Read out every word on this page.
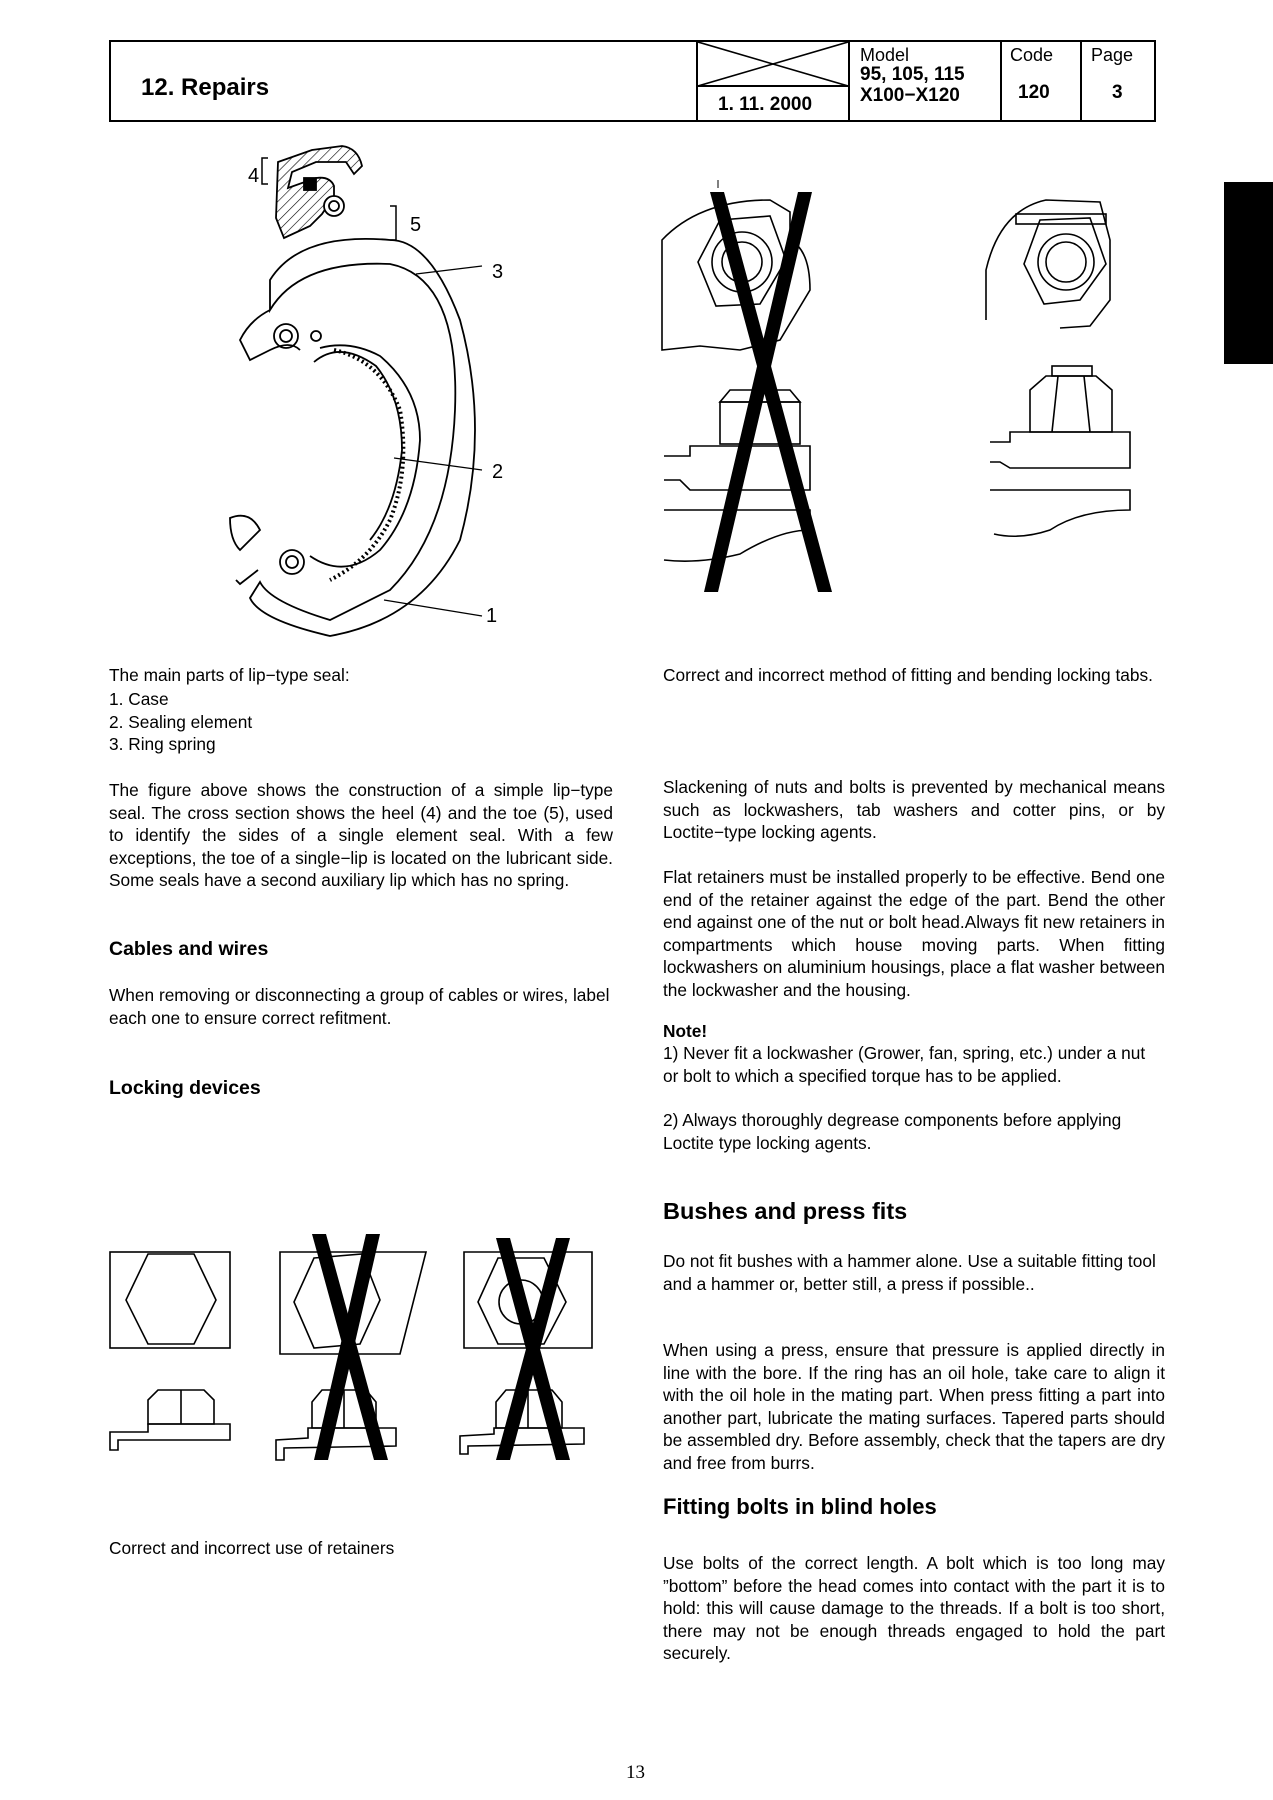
12. Repairs
1. 11. 2000
Model
95, 105, 115
X100−X120
Code
120
Page
3
4
5
3
2
1
The main parts of lip−type seal:
1. Case
2. Sealing element
3. Ring spring
The figure above shows the construction of a simple lip−type seal. The cross section shows the heel (4) and the toe (5), used to identify the sides of a single element seal. With a few exceptions, the toe of a single−lip is located on the lubricant side. Some seals have a second auxiliary lip which has no spring.
Cables and wires
When removing or disconnecting a group of cables or wires, label each one to ensure correct refitment.
Locking devices
Correct and incorrect use of retainers
Correct and incorrect method of fitting and bending locking tabs.
Slackening of nuts and bolts is prevented by mechanical means such as lockwashers, tab washers and cotter pins, or by Loctite−type locking agents.
Flat retainers must be installed properly to be effective. Bend one end of the retainer against the edge of the part. Bend the other end against one of the nut or bolt head.Always fit new retainers in compartments which house moving parts. When fitting lockwashers on aluminium housings, place a flat washer between the lockwasher and the housing.
Note!
1) Never fit a lockwasher (Grower, fan, spring, etc.) under a nut or bolt to which a specified torque has to be applied.
2) Always thoroughly degrease components before applying Loctite type locking agents.
Bushes and press fits
Do not fit bushes with a hammer alone. Use a suitable fitting tool and a hammer or, better still, a press if possible..
When using a press, ensure that pressure is applied directly in line with the bore. If the ring has an oil hole, take care to align it with the oil hole in the mating part. When press fitting a part into another part, lubricate the mating surfaces. Tapered parts should be assembled dry. Before assembly, check that the tapers are dry and free from burrs.
Fitting bolts in blind holes
Use bolts of the correct length. A bolt which is too long may ”bottom” before the head comes into contact with the part it is to hold: this will cause damage to the threads. If a bolt is too short, there may not be enough threads engaged to hold the part securely.
13
